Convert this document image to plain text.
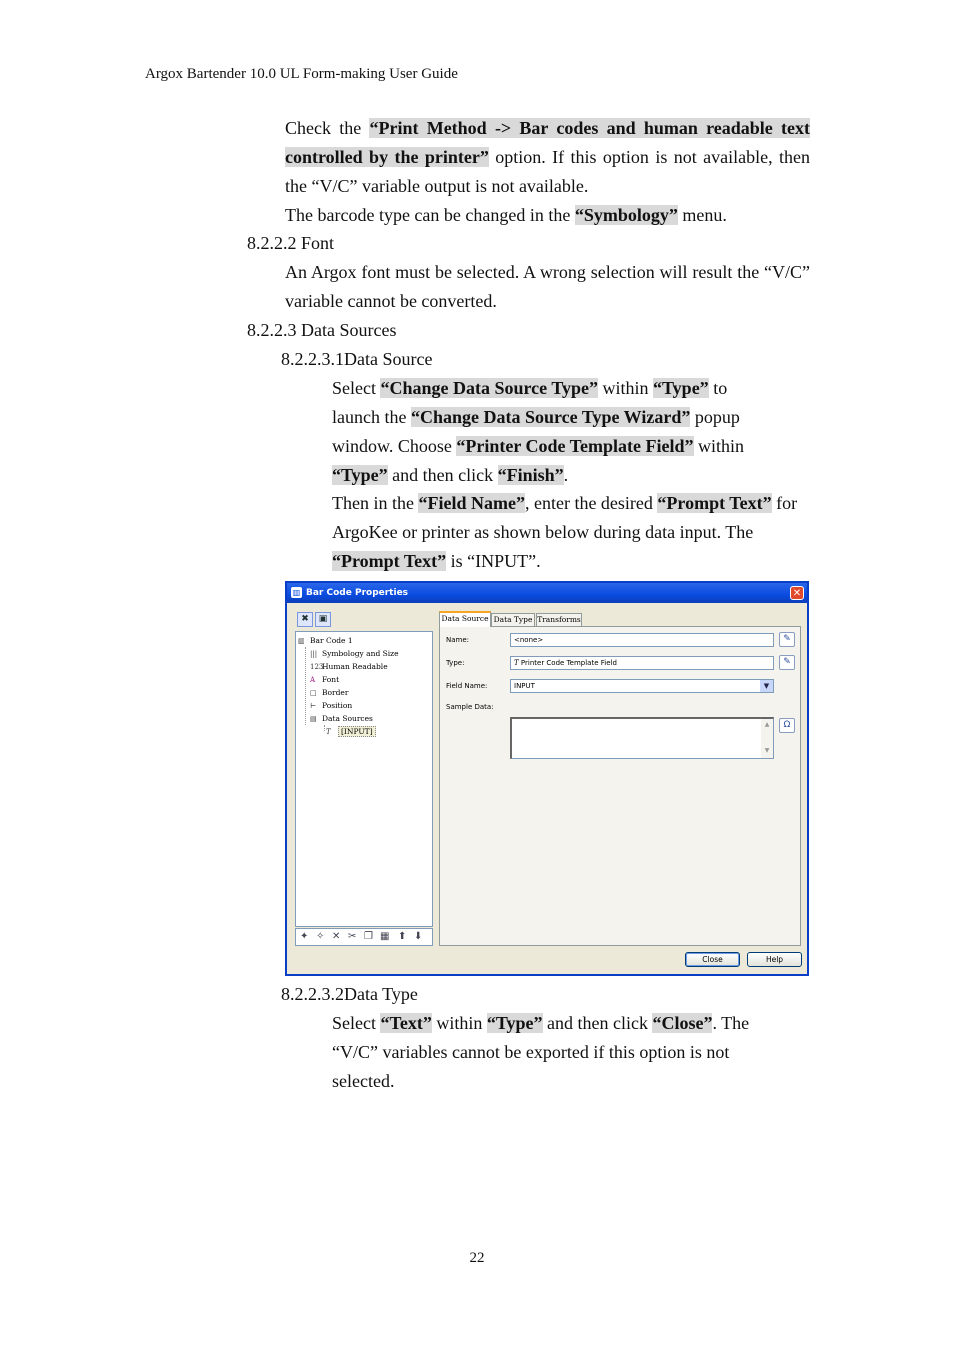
Argox Bartender 10.0 UL Form-making User Guide
Check the “Print Method -> Bar codes and human readable text controlled by the printer” option. If this option is not available, then the “V/C” variable output is not available.
The barcode type can be changed in the “Symbology” menu.
8.2.2.2 Font
An Argox font must be selected. A wrong selection will result the “V/C” variable cannot be converted.
8.2.2.3 Data Sources
8.2.2.3.1Data Source
Select “Change Data Source Type” within “Type” to launch the “Change Data Source Type Wizard” popup window. Choose “Printer Code Template Field” within “Type” and then click “Finish”.
Then in the “Field Name”, enter the desired “Prompt Text” for ArgoKee or printer as shown below during data input. The “Prompt Text” is “INPUT”.
▥ Bar Code Properties	✕
✖	▣
▥ Bar Code 1
||| Symbology and Size
123Human Readable
A Font
□ Border
⊢ Position
▤ Data Sources
T [INPUT]
✦ ✧ ✕ ✂ ❐ ▦ ⬆ ⬇
Data Source Data Type Transforms
Name:	<none>	✎
Type:	T Printer Code Template Field	✎
Field Name:	INPUT	▼
Sample Data:
▲
▼
Ω
Close	Help
8.2.2.3.2Data Type
Select “Text” within “Type” and then click “Close”. The “V/C” variables cannot be exported if this option is not selected.
22
